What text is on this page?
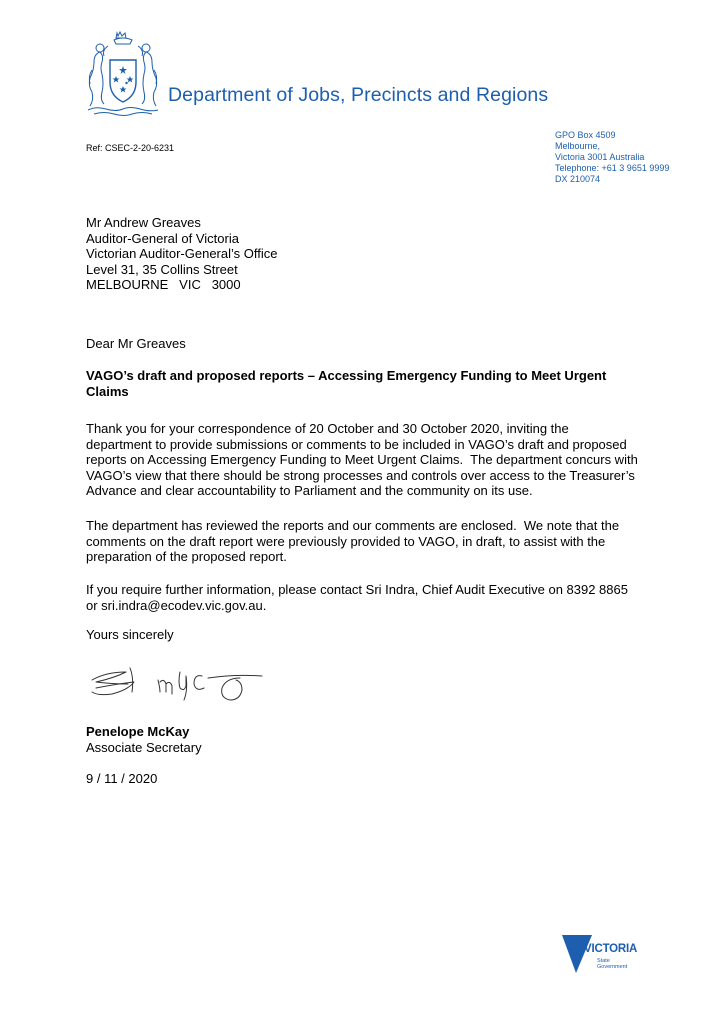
Department of Jobs, Precincts and Regions
Ref: CSEC-2-20-6231
GPO Box 4509
Melbourne,
Victoria 3001 Australia
Telephone: +61 3 9651 9999
DX 210074
Mr Andrew Greaves
Auditor-General of Victoria
Victorian Auditor-General’s Office
Level 31, 35 Collins Street
MELBOURNE   VIC   3000
Dear Mr Greaves
VAGO’s draft and proposed reports – Accessing Emergency Funding to Meet Urgent Claims
Thank you for your correspondence of 20 October and 30 October 2020, inviting the department to provide submissions or comments to be included in VAGO’s draft and proposed reports on Accessing Emergency Funding to Meet Urgent Claims.  The department concurs with VAGO’s view that there should be strong processes and controls over access to the Treasurer’s Advance and clear accountability to Parliament and the community on its use.
The department has reviewed the reports and our comments are enclosed.  We note that the comments on the draft report were previously provided to VAGO, in draft, to assist with the preparation of the proposed report.
If you require further information, please contact Sri Indra, Chief Audit Executive on 8392 8865 or sri.indra@ecodev.vic.gov.au.
Yours sincerely
Penelope McKay
Associate Secretary
9 / 11 / 2020
VICTORIA
State
Government
